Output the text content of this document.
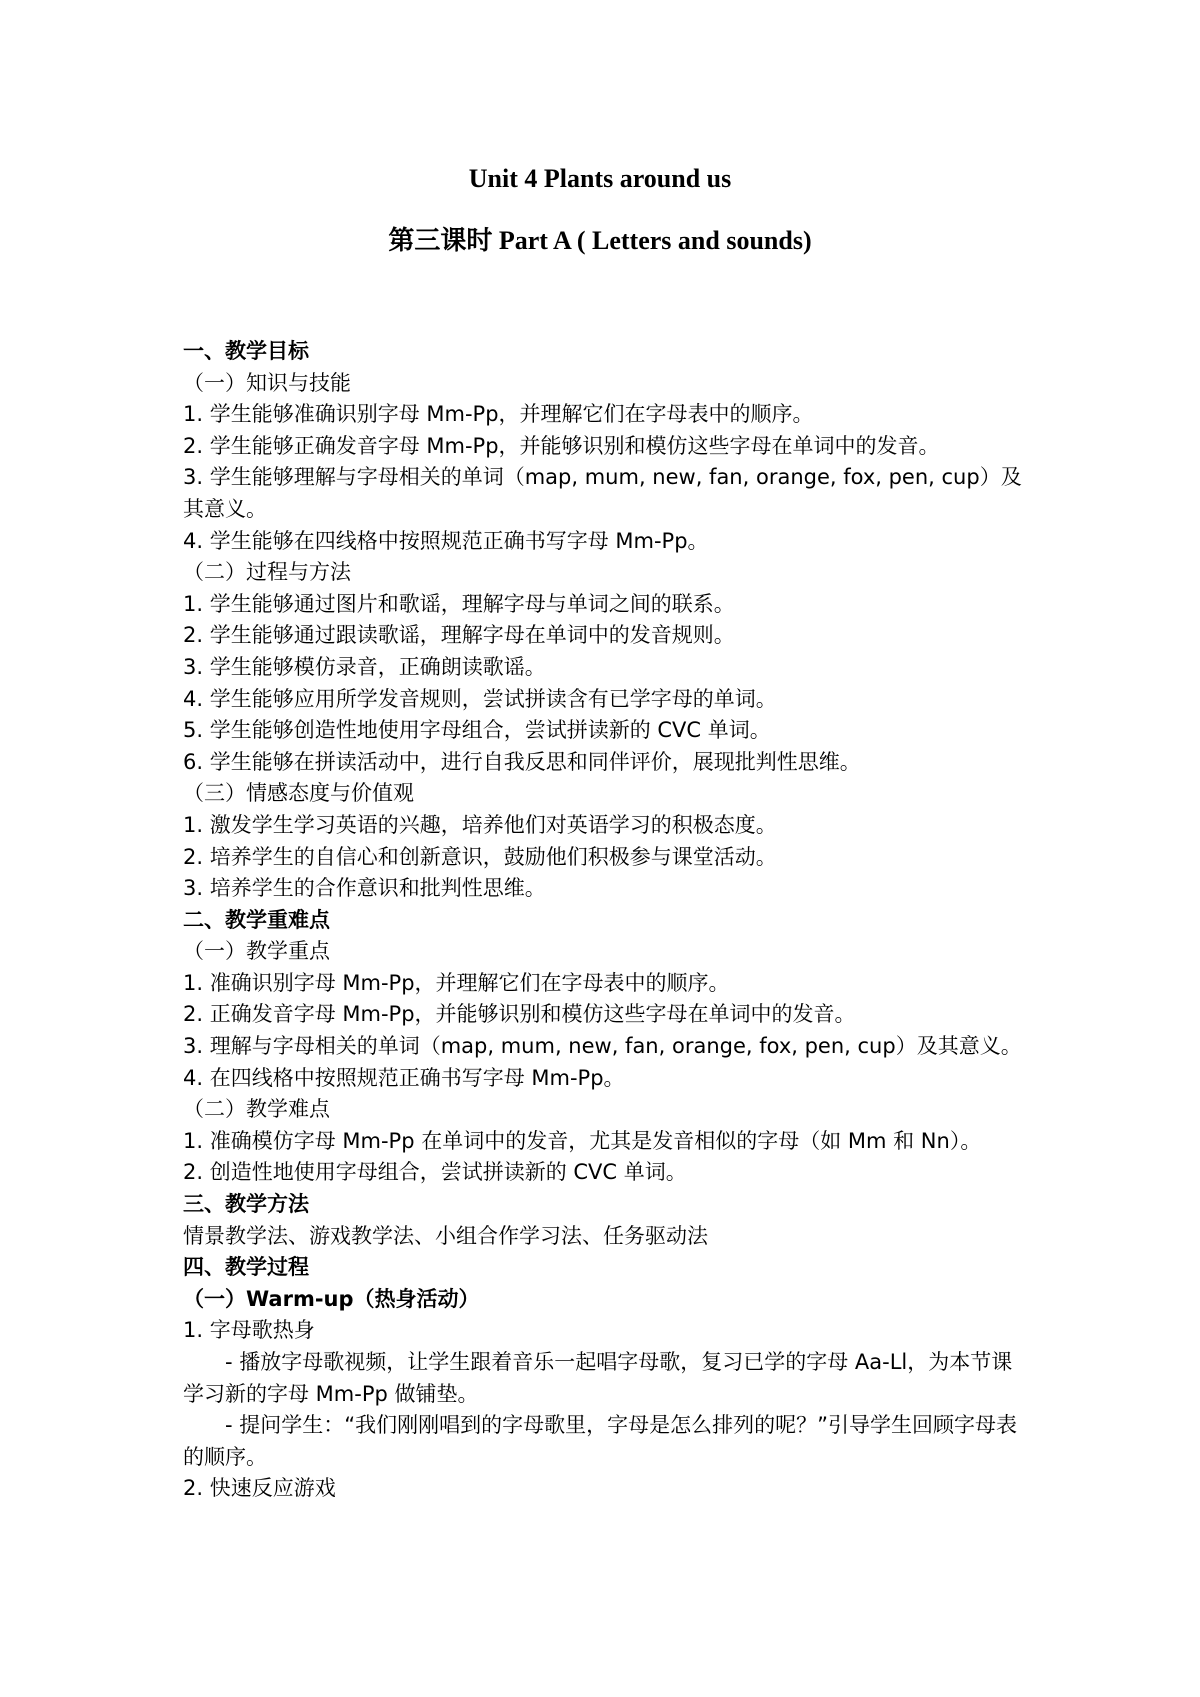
Unit 4 Plants around us
第三课时 Part A ( Letters and sounds)

一、教学目标

（一）知识与技能

1. 学生能够准确识别字母 Mm-Pp，并理解它们在字母表中的顺序。

2. 学生能够正确发音字母 Mm-Pp，并能够识别和模仿这些字母在单词中的发音。

3. 学生能够理解与字母相关的单词（map, mum, new, fan, orange, fox, pen, cup）及其意义。

4. 学生能够在四线格中按照规范正确书写字母 Mm-Pp。

（二）过程与方法

1. 学生能够通过图片和歌谣，理解字母与单词之间的联系。

2. 学生能够通过跟读歌谣，理解字母在单词中的发音规则。

3. 学生能够模仿录音，正确朗读歌谣。

4. 学生能够应用所学发音规则，尝试拼读含有已学字母的单词。

5. 学生能够创造性地使用字母组合，尝试拼读新的 CVC 单词。

6. 学生能够在拼读活动中，进行自我反思和同伴评价，展现批判性思维。

（三）情感态度与价值观

1. 激发学生学习英语的兴趣，培养他们对英语学习的积极态度。

2. 培养学生的自信心和创新意识，鼓励他们积极参与课堂活动。

3. 培养学生的合作意识和批判性思维。

二、教学重难点

（一）教学重点

1. 准确识别字母 Mm-Pp，并理解它们在字母表中的顺序。

2. 正确发音字母 Mm-Pp，并能够识别和模仿这些字母在单词中的发音。

3. 理解与字母相关的单词（map, mum, new, fan, orange, fox, pen, cup）及其意义。

4. 在四线格中按照规范正确书写字母 Mm-Pp。

（二）教学难点

1. 准确模仿字母 Mm-Pp 在单词中的发音，尤其是发音相似的字母（如 Mm 和 Nn）。

2. 创造性地使用字母组合，尝试拼读新的 CVC 单词。

三、教学方法

情景教学法、游戏教学法、小组合作学习法、任务驱动法

四、教学过程

（一）Warm-up（热身活动）

1. 字母歌热身

- 播放字母歌视频，让学生跟着音乐一起唱字母歌，复习已学的字母 Aa-Ll，为本节课学习新的字母 Mm-Pp 做铺垫。

- 提问学生：“我们刚刚唱到的字母歌里，字母是怎么排列的呢？”引导学生回顾字母表的顺序。

2. 快速反应游戏
